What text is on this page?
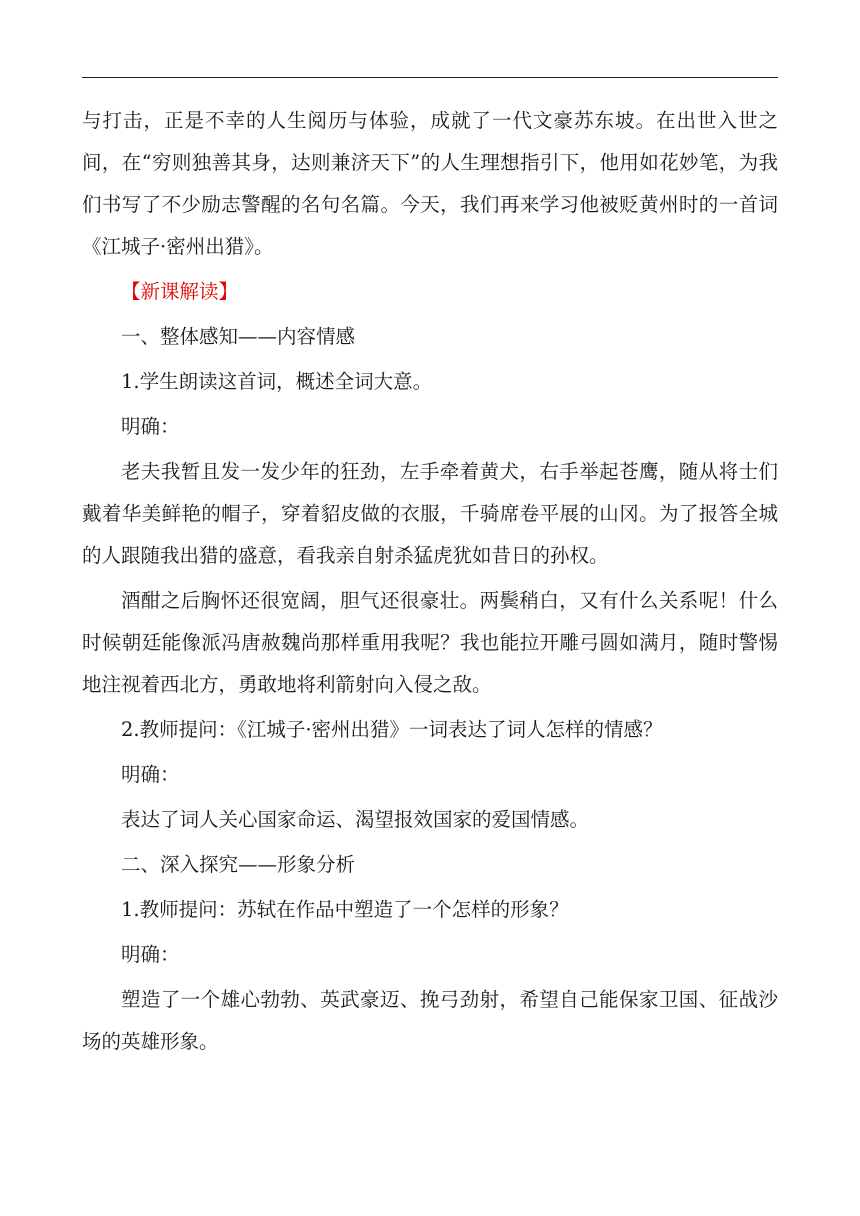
与打击，正是不幸的人生阅历与体验，成就了一代文豪苏东坡。在出世入世之间，在“穷则独善其身，达则兼济天下”的人生理想指引下，他用如花妙笔，为我们书写了不少励志警醒的名句名篇。今天，我们再来学习他被贬黄州时的一首词《江城子·密州出猎》。

【新课解读】

一、整体感知——内容情感

1.学生朗读这首词，概述全词大意。

明确：

老夫我暂且发一发少年的狂劲，左手牵着黄犬，右手举起苍鹰，随从将士们戴着华美鲜艳的帽子，穿着貂皮做的衣服，千骑席卷平展的山冈。为了报答全城的人跟随我出猎的盛意，看我亲自射杀猛虎犹如昔日的孙权。

酒酣之后胸怀还很宽阔，胆气还很豪壮。两鬓稍白，又有什么关系呢！什么时候朝廷能像派冯唐赦魏尚那样重用我呢？我也能拉开雕弓圆如满月，随时警惕地注视着西北方，勇敢地将利箭射向入侵之敌。

2.教师提问：《江城子·密州出猎》一词表达了词人怎样的情感？

明确：

表达了词人关心国家命运、渴望报效国家的爱国情感。

二、深入探究——形象分析

1.教师提问：苏轼在作品中塑造了一个怎样的形象？

明确：

塑造了一个雄心勃勃、英武豪迈、挽弓劲射，希望自己能保家卫国、征战沙场的英雄形象。
